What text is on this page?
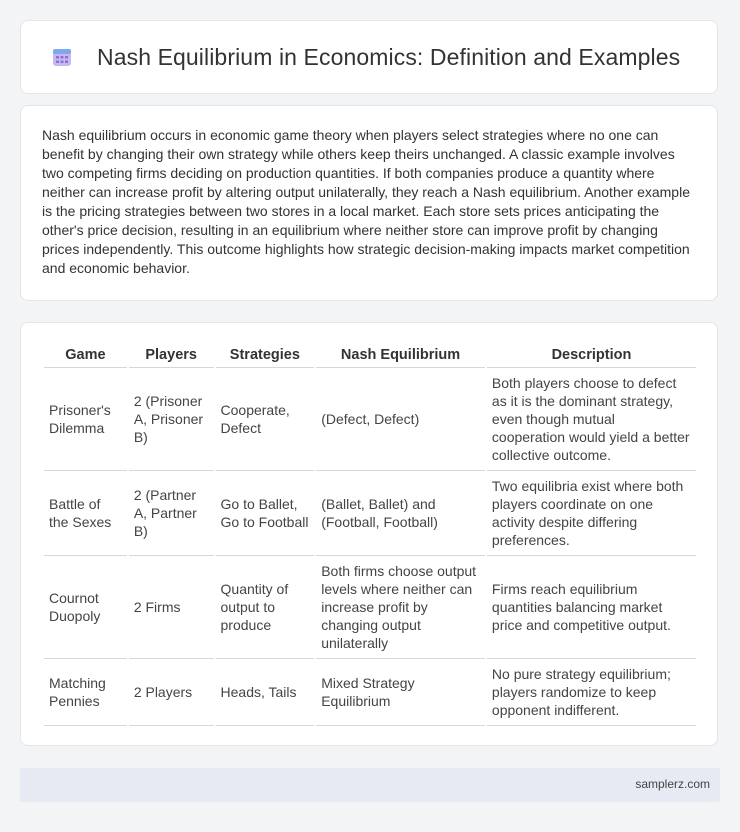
Nash Equilibrium in Economics: Definition and Examples

Nash equilibrium occurs in economic game theory when players select strategies where no one can benefit by changing their own strategy while others keep theirs unchanged. A classic example involves two competing firms deciding on production quantities. If both companies produce a quantity where neither can increase profit by altering output unilaterally, they reach a Nash equilibrium. Another example is the pricing strategies between two stores in a local market. Each store sets prices anticipating the other's price decision, resulting in an equilibrium where neither store can improve profit by changing prices independently. This outcome highlights how strategic decision-making impacts market competition and economic behavior.

Game	Players	Strategies	Nash Equilibrium	Description
Prisoner's Dilemma	2 (Prisoner A, Prisoner B)	Cooperate, Defect	(Defect, Defect)	Both players choose to defect as it is the dominant strategy, even though mutual cooperation would yield a better collective outcome.
Battle of the Sexes	2 (Partner A, Partner B)	Go to Ballet, Go to Football	(Ballet, Ballet) and (Football, Football)	Two equilibria exist where both players coordinate on one activity despite differing preferences.
Cournot Duopoly	2 Firms	Quantity of output to produce	Both firms choose output levels where neither can increase profit by changing output unilaterally	Firms reach equilibrium quantities balancing market price and competitive output.
Matching Pennies	2 Players	Heads, Tails	Mixed Strategy Equilibrium	No pure strategy equilibrium; players randomize to keep opponent indifferent.
samplerz.com
